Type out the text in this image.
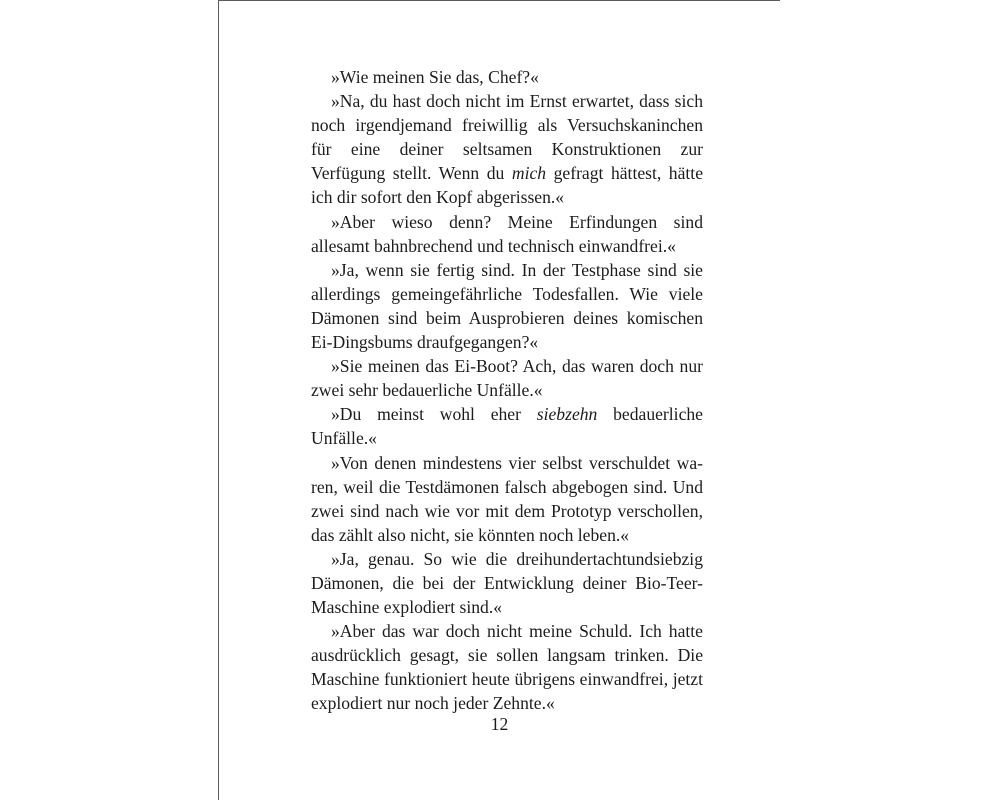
»Wie meinen Sie das, Chef?«

»Na, du hast doch nicht im Ernst erwartet, dass sich noch irgendjemand freiwillig als Versuchskaninchen für eine deiner seltsamen Konstruktionen zur Verfügung stellt. Wenn du mich gefragt hättest, hätte ich dir sofort den Kopf abgerissen.«

»Aber wieso denn? Meine Erfindungen sind allesamt bahnbrechend und technisch einwandfrei.«

»Ja, wenn sie fertig sind. In der Testphase sind sie allerdings gemeingefährliche Todesfallen. Wie viele Dämonen sind beim Ausprobieren deines komischen Ei-Dingsbums draufgegangen?«

»Sie meinen das Ei-Boot? Ach, das waren doch nur zwei sehr bedauerliche Unfälle.«

»Du meinst wohl eher siebzehn bedauerliche Unfälle.«

»Von denen mindestens vier selbst verschuldet waren, weil die Testdämonen falsch abgebogen sind. Und zwei sind nach wie vor mit dem Prototyp verschollen, das zählt also nicht, sie könnten noch leben.«

»Ja, genau. So wie die dreihundertachtundsiebzig Dämonen, die bei der Entwicklung deiner Bio-Teer-Maschine explodiert sind.«

»Aber das war doch nicht meine Schuld. Ich hatte ausdrücklich gesagt, sie sollen langsam trinken. Die Maschine funktioniert heute übrigens einwandfrei, jetzt explodiert nur noch jeder Zehnte.«

12
